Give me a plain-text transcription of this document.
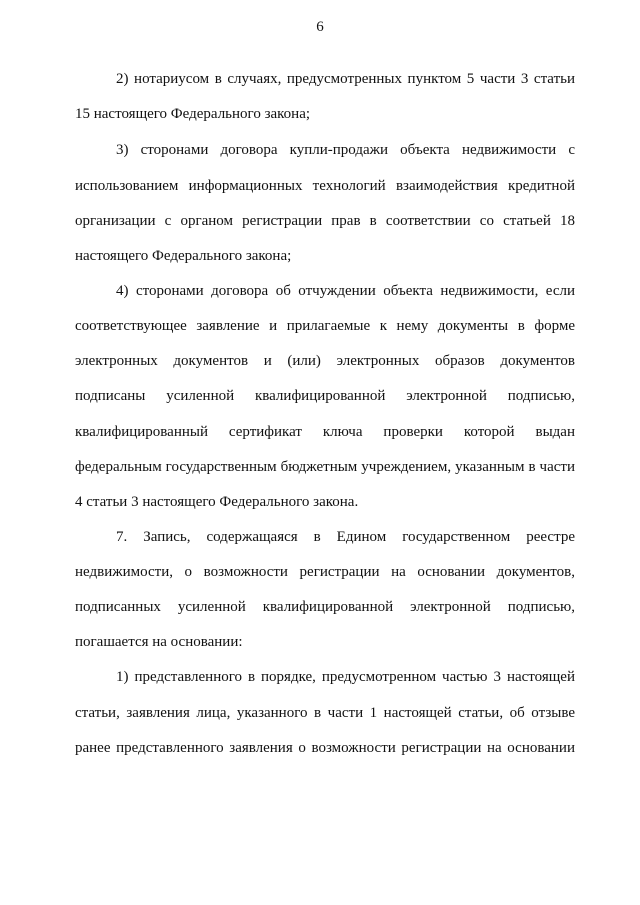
6
2) нотариусом в случаях, предусмотренных пунктом 5 части 3 статьи
15 настоящего Федерального закона;
3) сторонами договора купли-продажи объекта недвижимости с
использованием информационных технологий взаимодействия кредитной
организации с органом регистрации прав в соответствии со статьей 18
настоящего Федерального закона;
4) сторонами договора об отчуждении объекта недвижимости, если
соответствующее заявление и прилагаемые к нему документы в форме
электронных документов и (или) электронных образов документов
подписаны усиленной квалифицированной электронной подписью,
квалифицированный сертификат ключа проверки которой выдан
федеральным государственным бюджетным учреждением, указанным в части
4 статьи 3 настоящего Федерального закона.
7. Запись, содержащаяся в Едином государственном реестре
недвижимости, о возможности регистрации на основании документов,
подписанных усиленной квалифицированной электронной подписью,
погашается на основании:
1) представленного в порядке, предусмотренном частью 3 настоящей
статьи, заявления лица, указанного в части 1 настоящей статьи, об отзыве
ранее представленного заявления о возможности регистрации на основании
